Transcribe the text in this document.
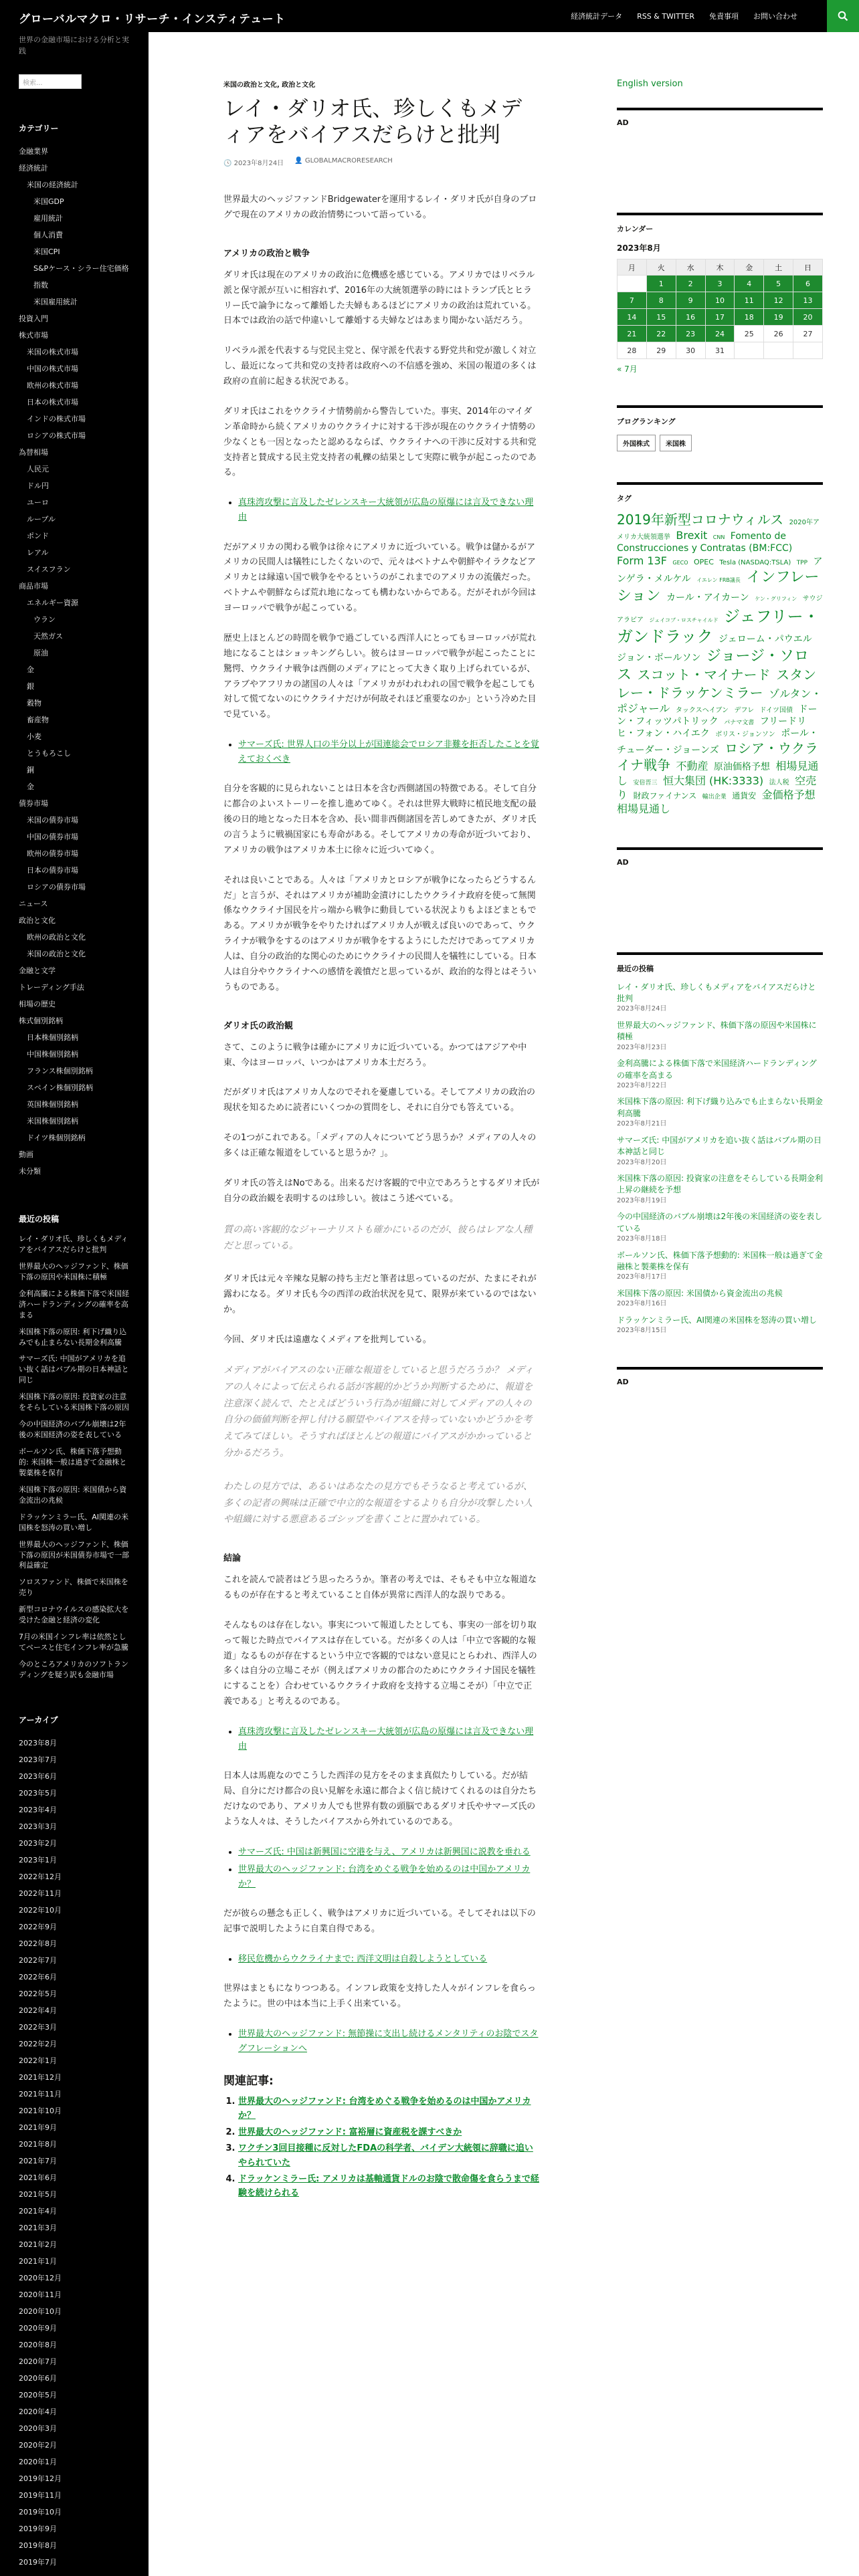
グローバルマクロ・リサーチ・インスティテュート	経済統計データ RSS & TWITTER 免責事項 お問い合わせ
世界の金融市場における分析と実践
検索...
カテゴリー
金融業界
経済統計
米国の経済統計
米国GDP
雇用統計
個人消費
米国CPI
S&Pケース・シラー住宅価格指数
米国雇用統計
投資入門
株式市場
米国の株式市場
中国の株式市場
欧州の株式市場
日本の株式市場
インドの株式市場
ロシアの株式市場
為替相場
人民元
ドル円
ユーロ
ルーブル
ポンド
レアル
スイスフラン
商品市場
エネルギー資源
ウラン
天然ガス
原油
金
銀
穀物
畜産物
小麦
とうもろこし
銅
金
債券市場
米国の債券市場
中国の債券市場
欧州の債券市場
日本の債券市場
ロシアの債券市場
ニュース
政治と文化
欧州の政治と文化
米国の政治と文化
金融と文学
トレーディング手法
相場の歴史
株式個別銘柄
日本株個別銘柄
中国株個別銘柄
フランス株個別銘柄
スペイン株個別銘柄
英国株個別銘柄
米国株個別銘柄
ドイツ株個別銘柄
動画
未分類
最近の投稿
レイ・ダリオ氏、珍しくもメディアをバイアスだらけと批判
世界最大のヘッジファンド、株価下落の原因や米国株に積極
金利高騰による株価下落で米国経済ハードランディングの確率を高まる
米国株下落の原因: 利下げ織り込みでも止まらない長期金利高騰
サマーズ氏: 中国がアメリカを追い抜く話はバブル期の日本神話と同じ
米国株下落の原因: 投資家の注意をそらしている米国株下落の原因
今の中国経済のバブル崩壊は2年後の米国経済の姿を表している
ボールソン氏、株価下落予想動的: 米国株一般は過ぎて金融株と製薬株を保有
米国株下落の原因: 米国債から資金流出の兆候
ドラッケンミラー氏、AI関連の米国株を怒涛の買い増し
世界最大のヘッジファンド、株価下落の原因が米国債券市場で一部利益確定
ソロスファンド、株価で米国株を売り
新型コロナウイルスの感染拡大を受けた金融と経済の変化
7月の米国インフレ率は依然としてベースと住宅インフレ率が急騰
今のところアメリカのソフトランディングを疑う訳も金融市場
アーカイブ
2023年8月
2023年7月
2023年6月
2023年5月
2023年4月
2023年3月
2023年2月
2023年1月
2022年12月
2022年11月
2022年10月
2022年9月
2022年8月
2022年7月
2022年6月
2022年5月
2022年4月
2022年3月
2022年2月
2022年1月
2021年12月
2021年11月
2021年10月
2021年9月
2021年8月
2021年7月
2021年6月
2021年5月
2021年4月
2021年3月
2021年2月
2021年1月
2020年12月
2020年11月
2020年10月
2020年9月
2020年8月
2020年7月
2020年6月
2020年5月
2020年4月
2020年3月
2020年2月
2020年1月
2019年12月
2019年11月
2019年10月
2019年9月
2019年8月
2019年7月
米国の政治と文化, 政治と文化
レイ・ダリオ氏、珍しくもメディアをバイアスだらけと批判
🕓 2023年8月24日 👤 GLOBALMACRORESEARCH

世界最大のヘッジファンドBridgewaterを運用するレイ・ダリオ氏が自身のブログで現在のアメリカの政治情勢について語っている。

アメリカの政治と戦争

ダリオ氏は現在のアメリカの政治に危機感を感じている。アメリカではリベラル派と保守派が互いに相容れず、2016年の大統領選挙の時にはトランプ氏とヒラリー氏で論争になって離婚した夫婦もあるほどにアメリカの政治は荒れている。日本では政治の話で仲違いして離婚する夫婦などはあまり聞かない話だろう。

リベラル派を代表する与党民主党と、保守派を代表する野党共和党が激しく対立し、最近になって共和党の支持者は政府への不信感を強め、米国の報道の多くは政府の直前に起きる状況である。

ダリオ氏はこれをウクライナ情勢前から警告していた。事実、2014年のマイダン革命時から続くアメリカのウクライナに対する干渉が現在のウクライナ情勢の少なくとも一因となったと認めるならば、ウクライナへの干渉に反対する共和党支持者と賛成する民主党支持者の軋轢の結果として実際に戦争が起こったのである。

• 真珠湾攻撃に言及したゼレンスキー大統領が広島の原爆には言及できない理由

だがアメリカの関わる戦争は徐々にアメリカに近づいている。戦争は儲かるがアメリカの民間人は犠牲にしたくないので、元々はベトナムや朝鮮やイラクなどアメリカとは縁遠い国で戦争をやるというのがこれまでのアメリカの流儀だった。ベトナムや朝鮮ならば荒れ地になっても構わないからである。だがそれが今回はヨーロッパで戦争が起こっている。

歴史上ほとんどの時間を戦争で過ごしている西洋人にとってもヨーロッパが荒れ地になることはショッキングらしい。彼らはヨーロッパで戦争が起こったことに驚愕、ウクライナ戦争は西側のメディアにとって大きく取り上げられているが、アラブやアフリカの諸国の人々は「アメリカがわれわれの国で戦争を起こしても対して慌てないのにウクライナだけが何故それほど重要なのか」という冷めた目で見ている。

• サマーズ氏: 世界人口の半分以上が国連総会でロシア非難を拒否したことを覚えておくべき

自分を客観的に見られないことは日本を含む西側諸国の特徴である。そして自分に都合のよいストーリーを推し進めてゆく。それは世界大戦時に植民地支配の最後の日的地となった日本を含め、長い間非西側諸国を苦しめてきたが、ダリオ氏の言うように戦禍国家にも寿命がある。そしてアメリカの寿命が近づいており、アメリカの戦争はアメリカ本土に徐々に近づいてゆく。

それは良いことである。人々は「アメリカとロシアが戦争になったらどうするんだ」と言うが、それはアメリカが補助金漬けにしたウクライナ政府を使って無関係なウクライナ国民を片っ端から戦争に動員している状況よりもよほどまともである。アメリカが戦争をやりたければアメリカ人が戦えば良いのであって、ウクライナが戦争をするのはアメリカが戦争をするようにしただけであってアメリカ人は、自分の政治的な関心のためにウクライナの民間人を犠牲にしている。日本人は自分やウクライナへの感情を義憤だと思っているが、政治的な得とはそういうものである。

ダリオ氏の政治観

さて、このように戦争は確かにアメリカに近づいている。かつてはアジアや中東、今はヨーロッパ、いつかはアメリカ本土だろう。

だがダリオ氏はアメリカ人なのでそれを憂慮している。そしてアメリカの政治の現状を知るために読者にいくつかの質問をし、それに自分でも答えている。

その1つがこれである。「メディアの人々についてどう思うか？メディアの人々の多くは正確な報道をしていると思うか？」。

ダリオ氏の答えはNoである。出来るだけ客観的で中立であろうとするダリオ氏が自分の政治観を表明するのは珍しい。彼はこう述べている。

質の高い客観的なジャーナリストも確かにいるのだが、彼らはレアな人種だと思っている。

ダリオ氏は元々辛辣な見解の持ち主だと筆者は思っているのだが、たまにそれが露わになる。ダリオ氏も今の西洋の政治状況を見て、限界が来ているのではないか。

今回、ダリオ氏は遠慮なくメディアを批判している。

メディアがバイアスのない正確な報道をしていると思うだろうか？ メディアの人々によって伝えられる話が客観的かどうか判断するために、報道を注意深く読んで、たとえばどういう行為が組織に対してメディアの人々の自分の価値判断を押し付ける願望やバイアスを持っていないかどうかを考えてみてほしい。そうすればほとんどの報道にバイアスがかかっていると分かるだろう。

わたしの見方では、あるいはあなたの見方でもそうなると考えているが、多くの記者の興味は正確で中立的な報道をするよりも自分が攻撃したい人や組織に対する悪意あるゴシップを書くことに置かれている。

結論

これを読んで読者はどう思ったろうか。筆者の考えでは、そもそも中立な報道なるものが存在すると考えていること自体が異常に西洋人的な誤りである。

そんなものは存在しない。事実について報道したとしても、事実の一部を切り取って報じた時点でバイアスは存在している。だが多くの人は「中立で客観的な報道」なるものが存在するという中立で客観的ではない意見にとらわれ、西洋人の多くは自分の立場こそが（例えばアメリカの都合のためにウクライナ国民を犠牲にすることを）合わせているウクライナ政府を支持する立場こそが）「中立で正義である」と考えるのである。

• 真珠湾攻撃に言及したゼレンスキー大統領が広島の原爆には言及できない理由

日本人は馬鹿なのでこうした西洋の見方をそのまま真似たりしている。だが結局、自分にだけ都合の良い見解を永遠に都合よく信じ続けてくれるのは自分たちだけなのであり、アメリカ人でも世界有数の頭脳であるダリオ氏やサマーズ氏のような人々は、そうしたバイアスから外れているのである。

• サマーズ氏: 中国は新興国に空港を与え、アメリカは新興国に説教を垂れる
• 世界最大のヘッジファンド: 台湾をめぐる戦争を始めるのは中国かアメリカか？

だが彼らの懸念も正しく、戦争はアメリカに近づいている。そしてそれは以下の記事で説明したように自業自得である。

• 移民危機からウクライナまで: 西洋文明は自殺しようとしている

世界はまともになりつつある。インフレ政策を支持した人々がインフレを食らったように。世の中は本当に上手く出来ている。

• 世界最大のヘッジファンド: 無節操に支出し続けるメンタリティのお陰でスタグフレーションへ
関連記事:
1. 世界最大のヘッジファンド: 台湾をめぐる戦争を始めるのは中国かアメリカか？
2. 世界最大のヘッジファンド: 富裕層に資産税を課すべきか
3. ワクチン3回目接種に反対したFDAの科学者、バイデン大統領に辞職に追いやられていた
4. ドラッケンミラー氏: アメリカは基軸通貨ドルのお陰で散命傷を食らうまで経験を続けられる
English version
AD
カレンダー
2023年8月
月	火	水	木	金	土	日
	1	2	3	4	5	6
7	8	9	10	11	12	13
14	15	16	17	18	19	20
21	22	23	24	25	26	27
28	29	30	31			
« 7月
ブログランキング
外国株式	米国株
タグ
2019年新型コロナウィルス 2020年アメリカ大統領選挙 Brexit CNN Fomento de Construcciones y Contratas (BM:FCC) Form 13F GECO OPEC Tesla (NASDAQ:TSLA) TPP アンゲラ・メルケル イエレン FRB議長 インフレーション カール・アイカーン ケン・グリフィン サウジアラビア ジェイコブ・ロスチャイルド ジェフリー・ガンドラック ジェローム・パウエル ジョン・ボールソン ジョージ・ソロス スコット・マイナード スタンレー・ドラッケンミラー ゾルタン・ポジャール タックスヘイブン デフレ ドイツ国債 ドーン・フィッツパトリック パナマ文書 フリードリヒ・フォン・ハイエク ボリス・ジョンソン ポール・チューダー・ジョーンズ ロシア・ウクライナ戦争 不動産 原油価格予想 相場見通し 安倍晋三 恒大集団 (HK:3333) 法人税 空売り 財政ファイナンス 輸出企業 通貨安 金価格予想 相場見通し
AD
最近の投稿
レイ・ダリオ氏、珍しくもメディアをバイアスだらけと批判
2023年8月24日
世界最大のヘッジファンド、株価下落の原因や米国株に積極
2023年8月23日
金利高騰による株価下落で米国経済ハードランディングの確率を高まる
2023年8月22日
米国株下落の原因: 利下げ織り込みでも止まらない長期金利高騰
2023年8月21日
サマーズ氏: 中国がアメリカを追い抜く話はバブル期の日本神話と同じ
2023年8月20日
米国株下落の原因: 投資家の注意をそらしている長期金利上昇の継続を予想
2023年8月19日
今の中国経済のバブル崩壊は2年後の米国経済の姿を表している
2023年8月18日
ボールソン氏、株価下落予想動的: 米国株一般は過ぎて金融株と製薬株を保有
2023年8月17日
米国株下落の原因: 米国債から資金流出の兆候
2023年8月16日
ドラッケンミラー氏、AI関連の米国株を怒涛の買い増し
2023年8月15日
AD
